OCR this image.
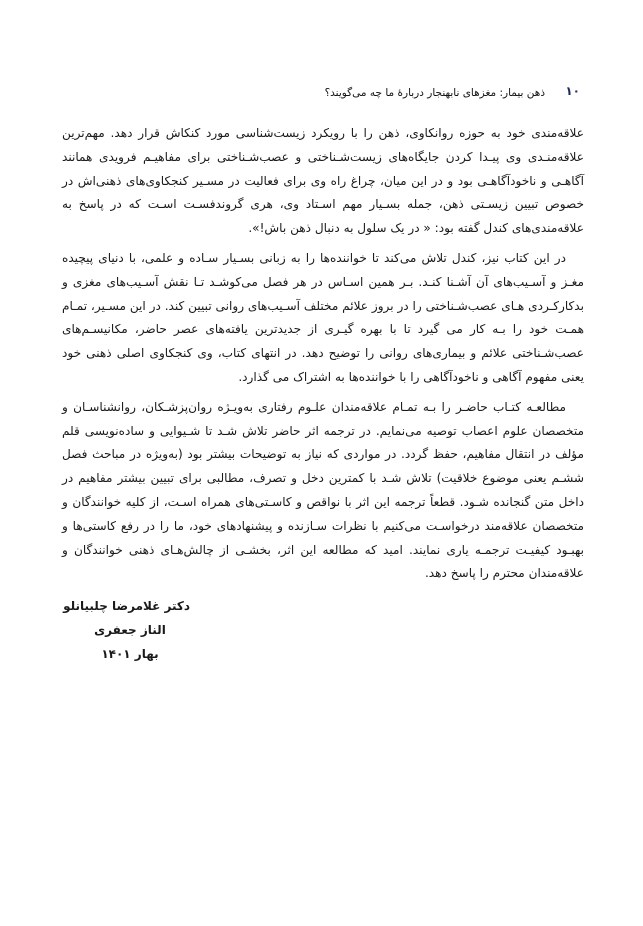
۱۰
ذهن بیمار: مغزهای نابهنجار دربارهٔ ما چه می‌گویند؟

علاقه‌مندی خود به حوزه روانکاوی، ذهن را با رویکرد زیست‌شناسی مورد کنکاش قرار دهد. مهم‌ترین علاقه‌منـدی وی پیـدا کردن جایگاه‌های زیست‌شـناختی و عصب‌شـناختی برای مفاهیـم فرویدی همانند آگاهـی و ناخودآگاهـی بود و در این میان، چراغ راه وی برای فعالیت در مسـیر کنجکاوی‌های ذهنی‌اش در خصوص تبیین زیسـتی ذهن، جمله بسـیار مهم اسـتاد وی، هری گروندفسـت اسـت که در پاسخ به علاقه‌مندی‌های کندل گفته بود: « در یک سلول به دنبال ذهن باش!».

در این کتاب نیز، کندل تلاش می‌کند تا خواننده‌ها را به زبانی بسـیار سـاده و علمی، با دنیای پیچیده مغـز و آسـیب‌های آن آشـنا کنـد. بـر همین اسـاس در هر فصل می‌کوشـد تـا نقش آسـیب‌های مغزی و بدکارکـردی هـای عصب‌شـناختی را در بروز علائم مختلف آسـیب‌های روانی تبیین کند. در این مسـیر، تمـام همـت خود را بـه کار می‌ گیرد تا با بهره‌ گیـری از جدیدترین یافته‌های عصر حاضر، مکانیسـم‌های عصب‌شـناختی علائم و بیماری‌های روانی را توضیح دهد. در انتهای کتاب، وی کنجکاوی اصلی ذهنی خود یعنی مفهوم آگاهی و ناخودآگاهی را با خواننده‌ها به اشتراک می‌ گذارد.

مطالعـه کتـاب حاضـر را بـه تمـام علاقه‌مندان علـوم رفتاری به‌ویـژه روان‌پزشـکان، روانشناسـان و متخصصان علوم اعصاب توصیه می‌نمایم. در ترجمه اثر حاضر تلاش شـد تا شـیوایی و ساده‌نویسی قلم مؤلف در انتقال مفاهیم، حفظ گردد. در مواردی که نیاز به توضیحات بیشتر بود (به‌ویژه در مباحث فصل ششـم یعنی موضوع خلاقیت) تلاش شـد با کمترین دخل و تصرف، مطالبی برای تبیین بیشتر مفاهیم در داخل متن گنجانده شـود. قطعاً ترجمه این اثر با نواقص و کاسـتی‌های همراه اسـت، از کلیه خوانندگان و متخصصان علاقه‌مند درخواسـت می‌کنیم با نظرات سـازنده و پیشنهادهای خود، ما را در رفع کاستی‌ها و بهبـود کیفیـت ترجمـه یاری نمایند. امید که مطالعه این اثر، بخشـی از چالش‌هـای ذهنی خوانندگان و علاقه‌مندان محترم را پاسخ دهد.

دکتر غلامرضا چلبیانلو
الناز جعفری
بهار ۱۴۰۱
